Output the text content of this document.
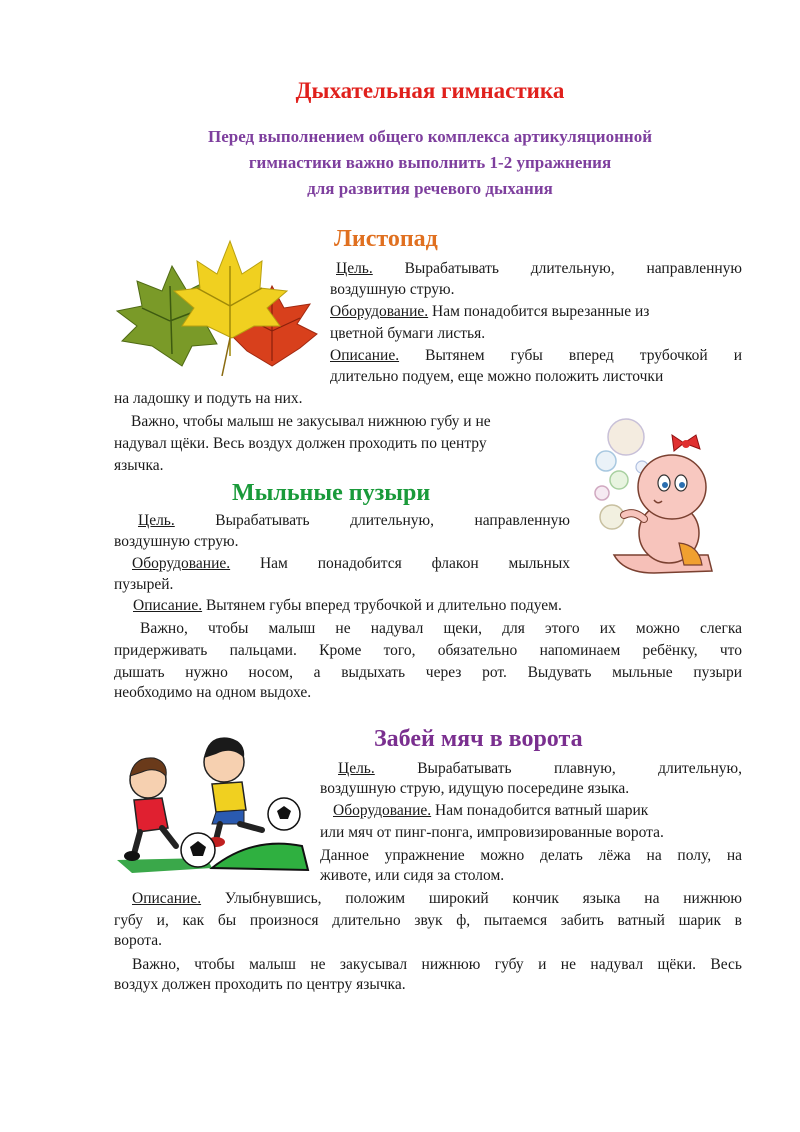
Дыхательная гимнастика
Перед выполнением общего комплекса артикуляционной
гимнастики важно выполнить 1-2 упражнения
для развития речевого дыхания
Листопад
Цель. Вырабатывать длительную, направленную
воздушную струю.
Оборудование. Нам понадобится вырезанные из
цветной бумаги листья.
Описание. Вытянем губы вперед трубочкой и
длительно подуем, еще можно положить листочки
на ладошку и подуть на них.
Важно, чтобы малыш не закусывал нижнюю губу и не
надувал щёки. Весь воздух должен проходить по центру
язычка.
Мыльные пузыри
Цель.	Вырабатывать длительную, направленную
воздушную струю.
Оборудование. Нам понадобится флакон мыльных
пузырей.
Описание. Вытянем губы вперед трубочкой и длительно подуем.
Важно, чтобы малыш не надувал щеки, для этого их можно слегка
придерживать пальцами. Кроме того, обязательно напоминаем ребёнку, что
дышать нужно носом, а выдыхать через рот. Выдувать мыльные пузыри
необходимо на одном выдохе.
Забей мяч в ворота
Цель.	Вырабатывать плавную, длительную,
воздушную струю, идущую посередине языка.
Оборудование. Нам понадобится ватный шарик
или мяч от пинг-понга, импровизированные ворота.
Данное упражнение можно делать лёжа на полу, на
животе, или сидя за столом.
Описание. Улыбнувшись, положим широкий кончик языка на нижнюю
губу и, как бы произнося длительно звук ф, пытаемся забить ватный шарик в
ворота.
Важно, чтобы малыш не закусывал нижнюю губу и не надувал щёки. Весь
воздух должен проходить по центру язычка.
